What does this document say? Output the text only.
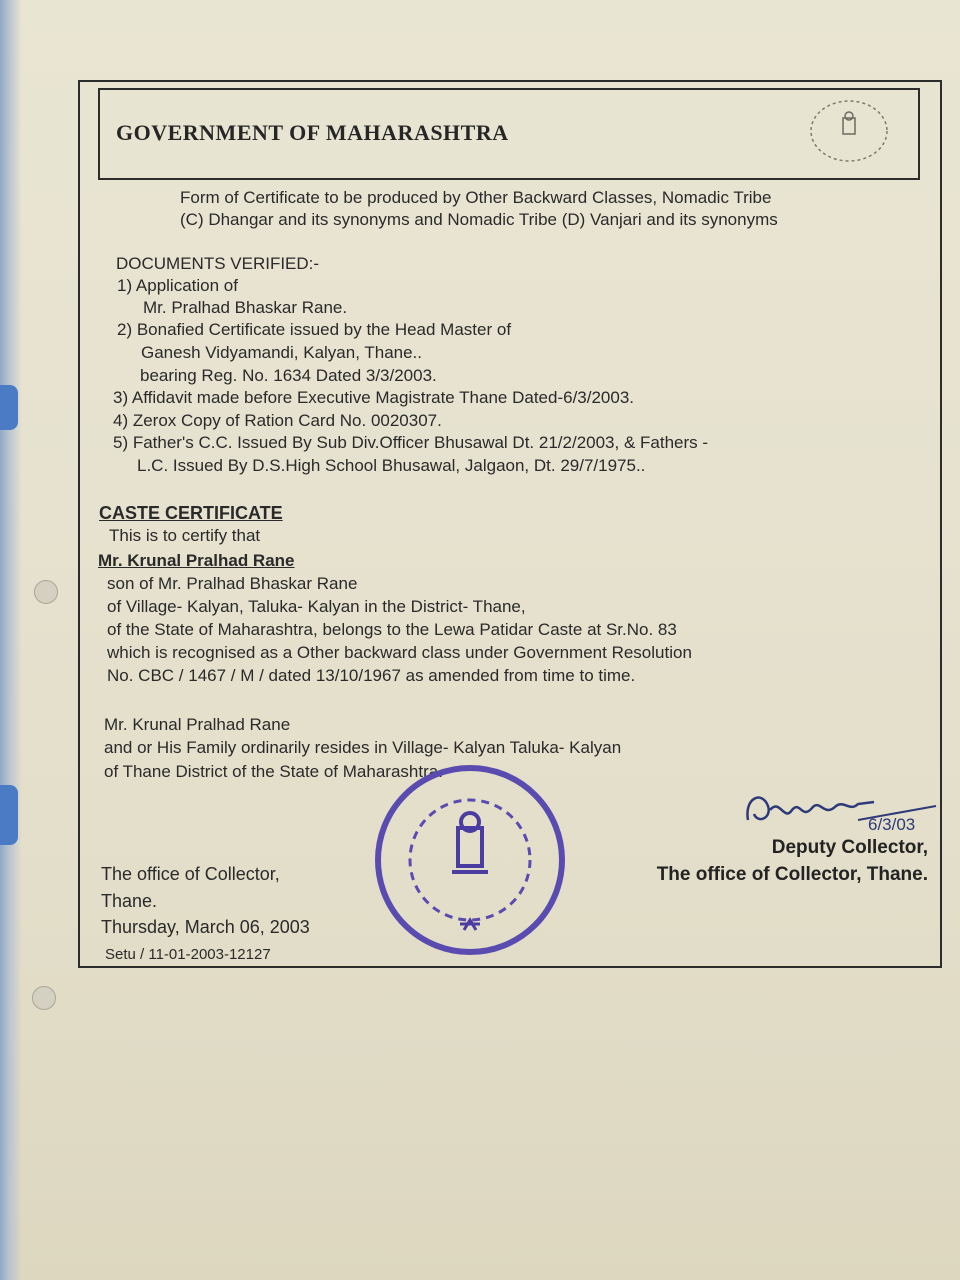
GOVERNMENT OF MAHARASHTRA
Form of Certificate to be produced by Other Backward Classes, Nomadic Tribe
(C) Dhangar and its synonyms and Nomadic Tribe (D) Vanjari and its synonyms
DOCUMENTS VERIFIED:-
1) Application of
Mr. Pralhad Bhaskar Rane.
2) Bonafied Certificate issued by the Head Master of
Ganesh Vidyamandi, Kalyan, Thane..
bearing Reg. No. 1634 Dated 3/3/2003.
3) Affidavit made before Executive Magistrate Thane Dated-6/3/2003.
4) Zerox Copy of Ration Card No. 0020307.
5) Father's C.C. Issued By Sub Div.Officer Bhusawal Dt. 21/2/2003, & Fathers -
L.C. Issued By D.S.High School Bhusawal, Jalgaon, Dt. 29/7/1975..
CASTE CERTIFICATE
This is to certify that
Mr. Krunal Pralhad Rane
son of Mr. Pralhad Bhaskar Rane
of Village- Kalyan, Taluka- Kalyan in the District- Thane,
of the State of Maharashtra, belongs to the Lewa Patidar Caste at Sr.No. 83
which is recognised as a Other backward class under Government Resolution
No. CBC / 1467 / M / dated 13/10/1967 as amended from time to time.
Mr. Krunal Pralhad Rane
and or His Family ordinarily resides in Village- Kalyan Taluka- Kalyan
of Thane District of the State of Maharashtra.
6/3/03
Deputy Collector,
The office of Collector, Thane.
The office of Collector,
Thane.
Thursday, March 06, 2003
Setu / 11-01-2003-12127
